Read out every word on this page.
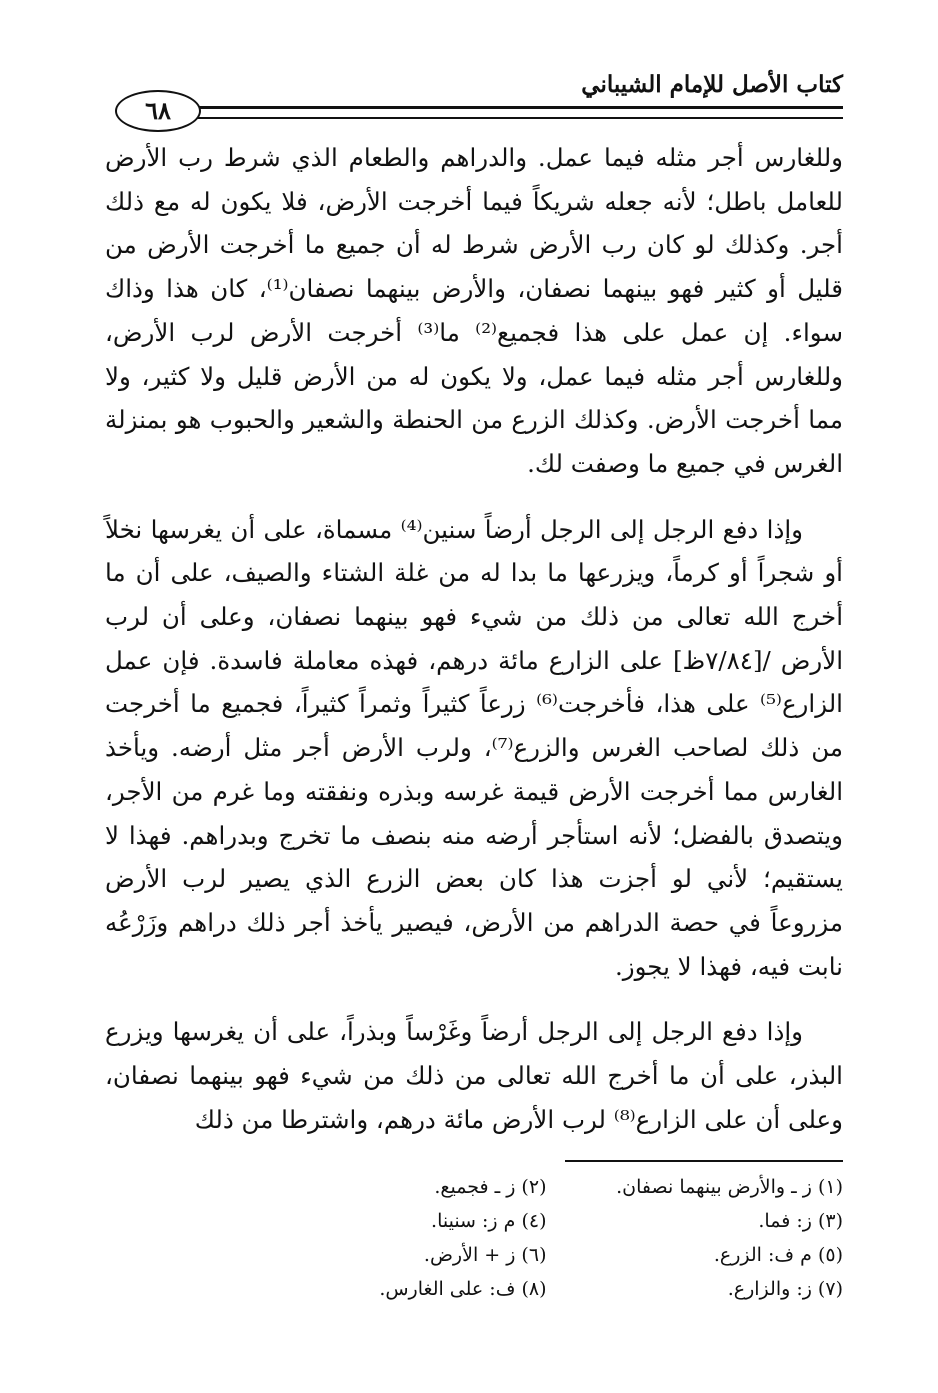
كتاب الأصل للإمام الشيباني
٦٨

وللغارس أجر مثله فيما عمل. والدراهم والطعام الذي شرط رب الأرض للعامل باطل؛ لأنه جعله شريكاً فيما أخرجت الأرض، فلا يكون له مع ذلك أجر. وكذلك لو كان رب الأرض شرط له أن جميع ما أخرجت الأرض من قليل أو كثير فهو بينهما نصفان، والأرض بينهما نصفان⁽¹⁾، كان هذا وذاك سواء. إن عمل على هذا فجميع⁽²⁾ ما⁽³⁾ أخرجت الأرض لرب الأرض، وللغارس أجر مثله فيما عمل، ولا يكون له من الأرض قليل ولا كثير، ولا مما أخرجت الأرض. وكذلك الزرع من الحنطة والشعير والحبوب هو بمنزلة الغرس في جميع ما وصفت لك.

وإذا دفع الرجل إلى الرجل أرضاً سنين⁽⁴⁾ مسماة، على أن يغرسها نخلاً أو شجراً أو كرماً، ويزرعها ما بدا له من غلة الشتاء والصيف، على أن ما أخرج الله تعالى من ذلك من شيء فهو بينهما نصفان، وعلى أن لرب الأرض /[٧/٨٤ظ] على الزارع مائة درهم، فهذه معاملة فاسدة. فإن عمل الزارع⁽⁵⁾ على هذا، فأخرجت⁽⁶⁾ زرعاً كثيراً وثمراً كثيراً، فجميع ما أخرجت من ذلك لصاحب الغرس والزرع⁽⁷⁾، ولرب الأرض أجر مثل أرضه. ويأخذ الغارس مما أخرجت الأرض قيمة غرسه وبذره ونفقته وما غرم من الأجر، ويتصدق بالفضل؛ لأنه استأجر أرضه منه بنصف ما تخرج وبدراهم. فهذا لا يستقيم؛ لأني لو أجزت هذا كان بعض الزرع الذي يصير لرب الأرض مزروعاً في حصة الدراهم من الأرض، فيصير يأخذ أجر ذلك دراهم وزَرْعُه نابت فيه، فهذا لا يجوز.

وإذا دفع الرجل إلى الرجل أرضاً وغَرْساً وبذراً، على أن يغرسها ويزرع البذر، على أن ما أخرج الله تعالى من ذلك من شيء فهو بينهما نصفان، وعلى أن على الزارع⁽⁸⁾ لرب الأرض مائة درهم، واشترطا من ذلك

(١) ز ـ والأرض بينهما نصفان.
(٢) ز ـ فجميع.
(٣) ز: فما.
(٤) م ز: سنينا.
(٥) م ف: الزرع.
(٦) ز + الأرض.
(٧) ز: والزارع.
(٨) ف: على الغارس.
